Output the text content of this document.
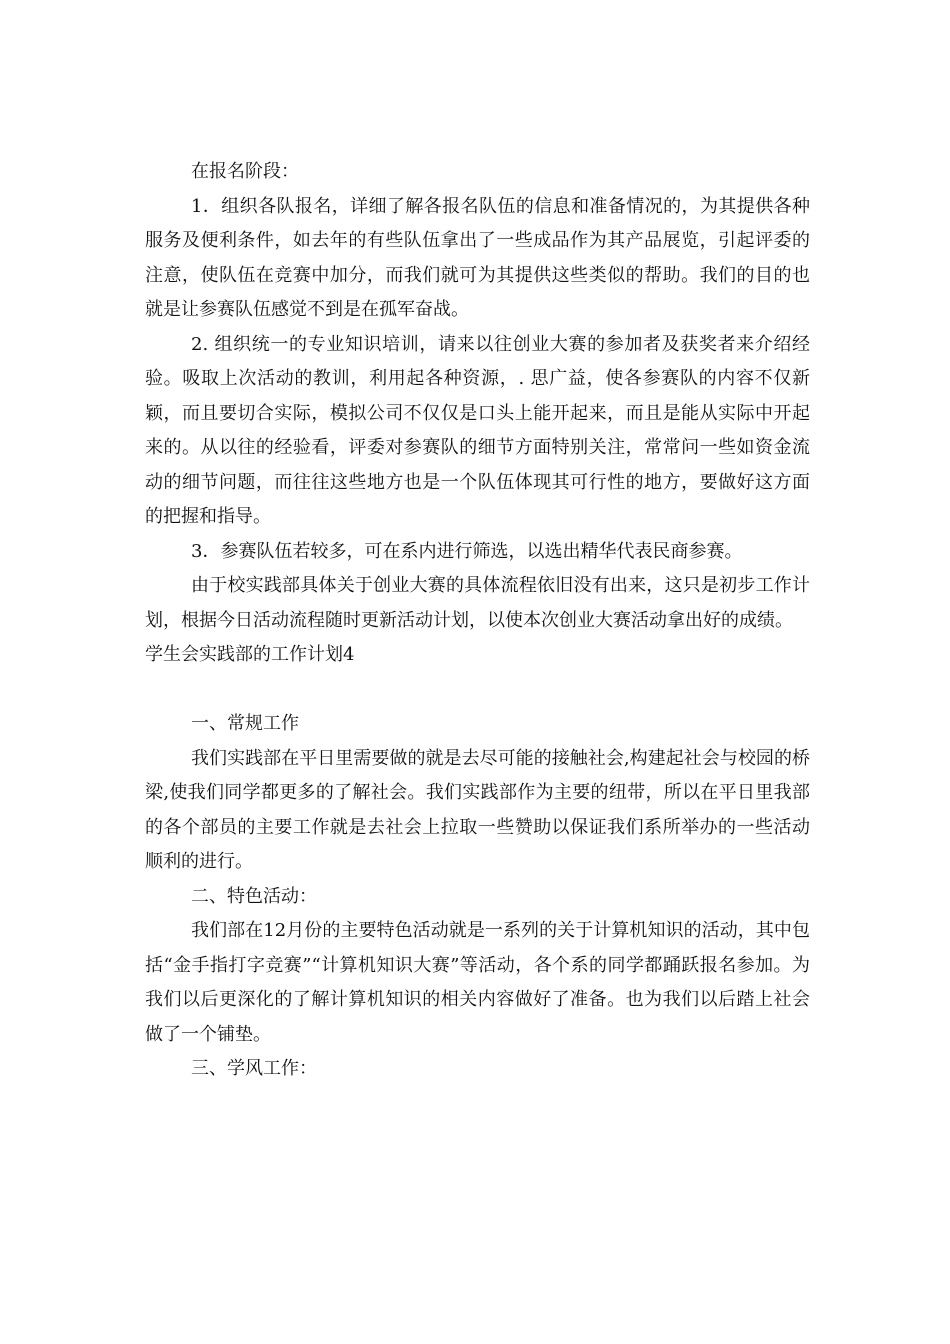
在报名阶段：

1．组织各队报名，详细了解各报名队伍的信息和准备情况的，为其提供各种服务及便利条件，如去年的有些队伍拿出了一些成品作为其产品展览，引起评委的注意，使队伍在竞赛中加分，而我们就可为其提供这些类似的帮助。我们的目的也就是让参赛队伍感觉不到是在孤军奋战。

2. 组织统一的专业知识培训，请来以往创业大赛的参加者及获奖者来介绍经验。吸取上次活动的教训，利用起各种资源，. 思广益，使各参赛队的内容不仅新颖，而且要切合实际，模拟公司不仅仅是口头上能开起来，而且是能从实际中开起来的。从以往的经验看，评委对参赛队的细节方面特别关注，常常问一些如资金流动的细节问题，而往往这些地方也是一个队伍体现其可行性的地方，要做好这方面的把握和指导。

3．参赛队伍若较多，可在系内进行筛选，以选出精华代表民商参赛。

由于校实践部具体关于创业大赛的具体流程依旧没有出来，这只是初步工作计划，根据今日活动流程随时更新活动计划，以使本次创业大赛活动拿出好的成绩。

学生会实践部的工作计划4

一、常规工作

我们实践部在平日里需要做的就是去尽可能的接触社会,构建起社会与校园的桥梁,使我们同学都更多的了解社会。我们实践部作为主要的纽带，所以在平日里我部的各个部员的主要工作就是去社会上拉取一些赞助以保证我们系所举办的一些活动顺利的进行。

二、特色活动：

我们部在12月份的主要特色活动就是一系列的关于计算机知识的活动，其中包括“金手指打字竞赛”“计算机知识大赛”等活动，各个系的同学都踊跃报名参加。为我们以后更深化的了解计算机知识的相关内容做好了准备。也为我们以后踏上社会做了一个铺垫。

三、学风工作：
